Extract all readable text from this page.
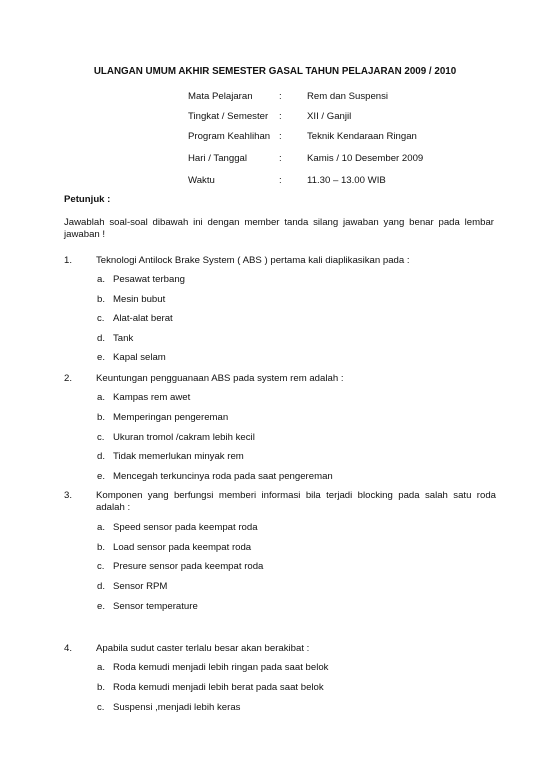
ULANGAN UMUM AKHIR SEMESTER GASAL TAHUN PELAJARAN 2009 / 2010
Mata Pelajaran	:	Rem dan Suspensi
Tingkat / Semester :	XII / Ganjil
Program Keahlihan :	Teknik Kendaraan Ringan
Hari / Tanggal	:	Kamis / 10 Desember 2009
Waktu	:	11.30 – 13.00 WIB
Petunjuk :
Jawablah soal-soal dibawah ini dengan member tanda silang jawaban yang benar pada lembar jawaban !
1. Teknologi Antilock Brake System ( ABS ) pertama kali diaplikasikan pada :
a. Pesawat terbang
b. Mesin bubut
c. Alat-alat berat
d. Tank
e. Kapal selam
2. Keuntungan pengguanaan ABS pada system rem adalah :
a. Kampas rem awet
b. Memperingan pengereman
c. Ukuran tromol /cakram lebih kecil
d. Tidak memerlukan minyak rem
e. Mencegah terkuncinya roda pada saat pengereman
3. Komponen yang berfungsi memberi informasi bila terjadi blocking pada salah satu roda adalah :
a. Speed sensor pada keempat roda
b. Load sensor pada keempat roda
c. Presure sensor pada keempat roda
d. Sensor RPM
e. Sensor temperature
4. Apabila sudut caster terlalu besar akan berakibat :
a. Roda kemudi menjadi lebih ringan pada saat belok
b. Roda kemudi menjadi lebih berat pada saat belok
c. Suspensi ,menjadi lebih keras
